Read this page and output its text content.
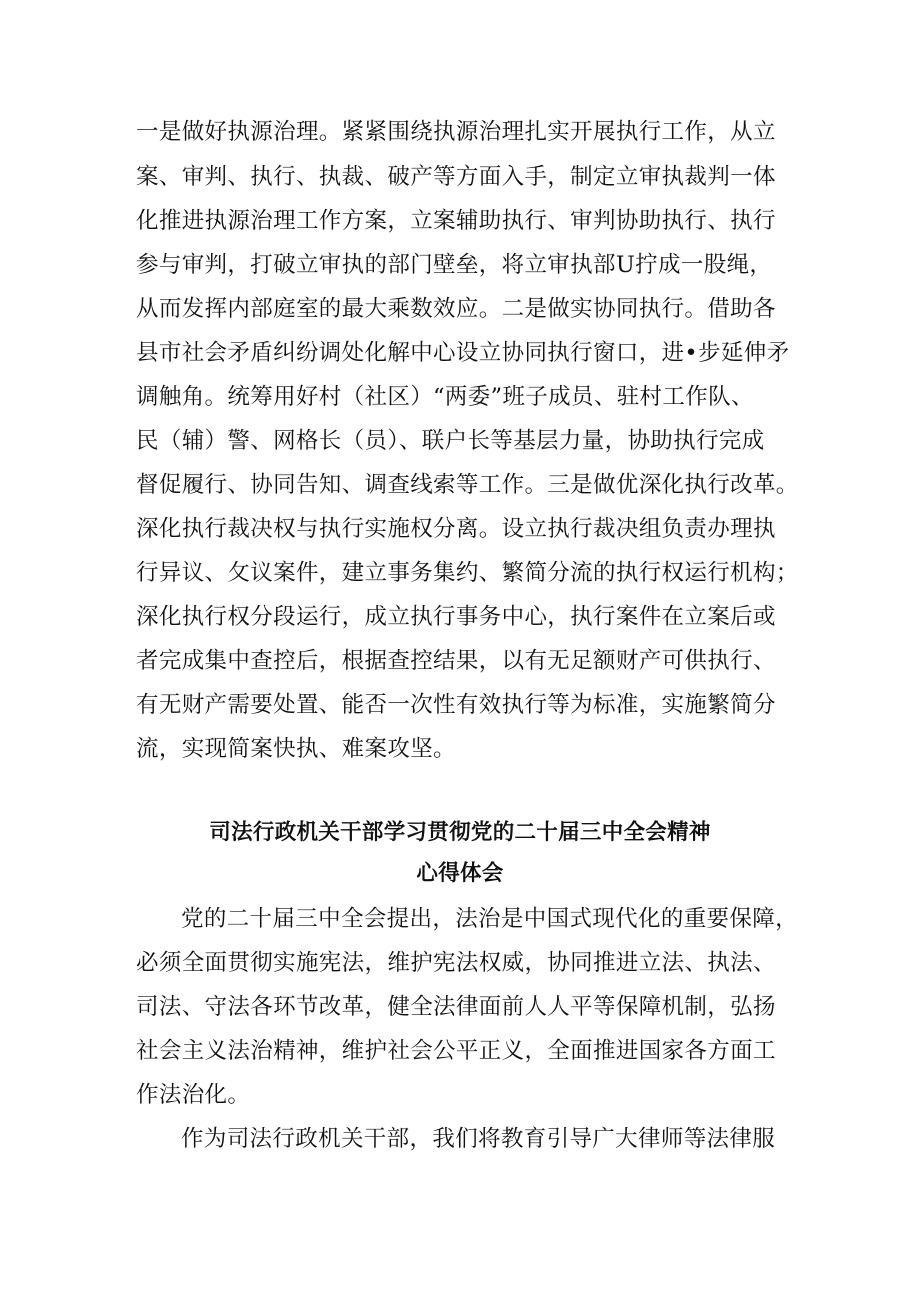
一是做好执源治理。紧紧围绕执源治理扎实开展执行工作，从立
案、审判、执行、执裁、破产等方面入手，制定立审执裁判一体
化推进执源治理工作方案，立案辅助执行、审判协助执行、执行
参与审判，打破立审执的部门壁垒，将立审执部U拧成一股绳，
从而发挥内部庭室的最大乘数效应。二是做实协同执行。借助各
县市社会矛盾纠纷调处化解中心设立协同执行窗口，进•步延伸矛
调触角。统筹用好村（社区）“两委”班子成员、驻村工作队、
民（辅）警、网格长（员）、联户长等基层力量，协助执行完成
督促履行、协同告知、调查线索等工作。三是做优深化执行改革。
深化执行裁决权与执行实施权分离。设立执行裁决组负责办理执
行异议、攵议案件，建立事务集约、繁简分流的执行权运行机构；
深化执行权分段运行，成立执行事务中心，执行案件在立案后或
者完成集中查控后，根据查控结果，以有无足额财产可供执行、
有无财产需要处置、能否一次性有效执行等为标准，实施繁简分
流，实现简案快执、难案攻坚。
司法行政机关干部学习贯彻党的二十届三中全会精神
心得体会
党的二十届三中全会提出，法治是中国式现代化的重要保障，
必须全面贯彻实施宪法，维护宪法权威，协同推进立法、执法、
司法、守法各环节改革，健全法律面前人人平等保障机制，弘扬
社会主义法治精神，维护社会公平正义，全面推进国家各方面工
作法治化。
作为司法行政机关干部，我们将教育引导广大律师等法律服
